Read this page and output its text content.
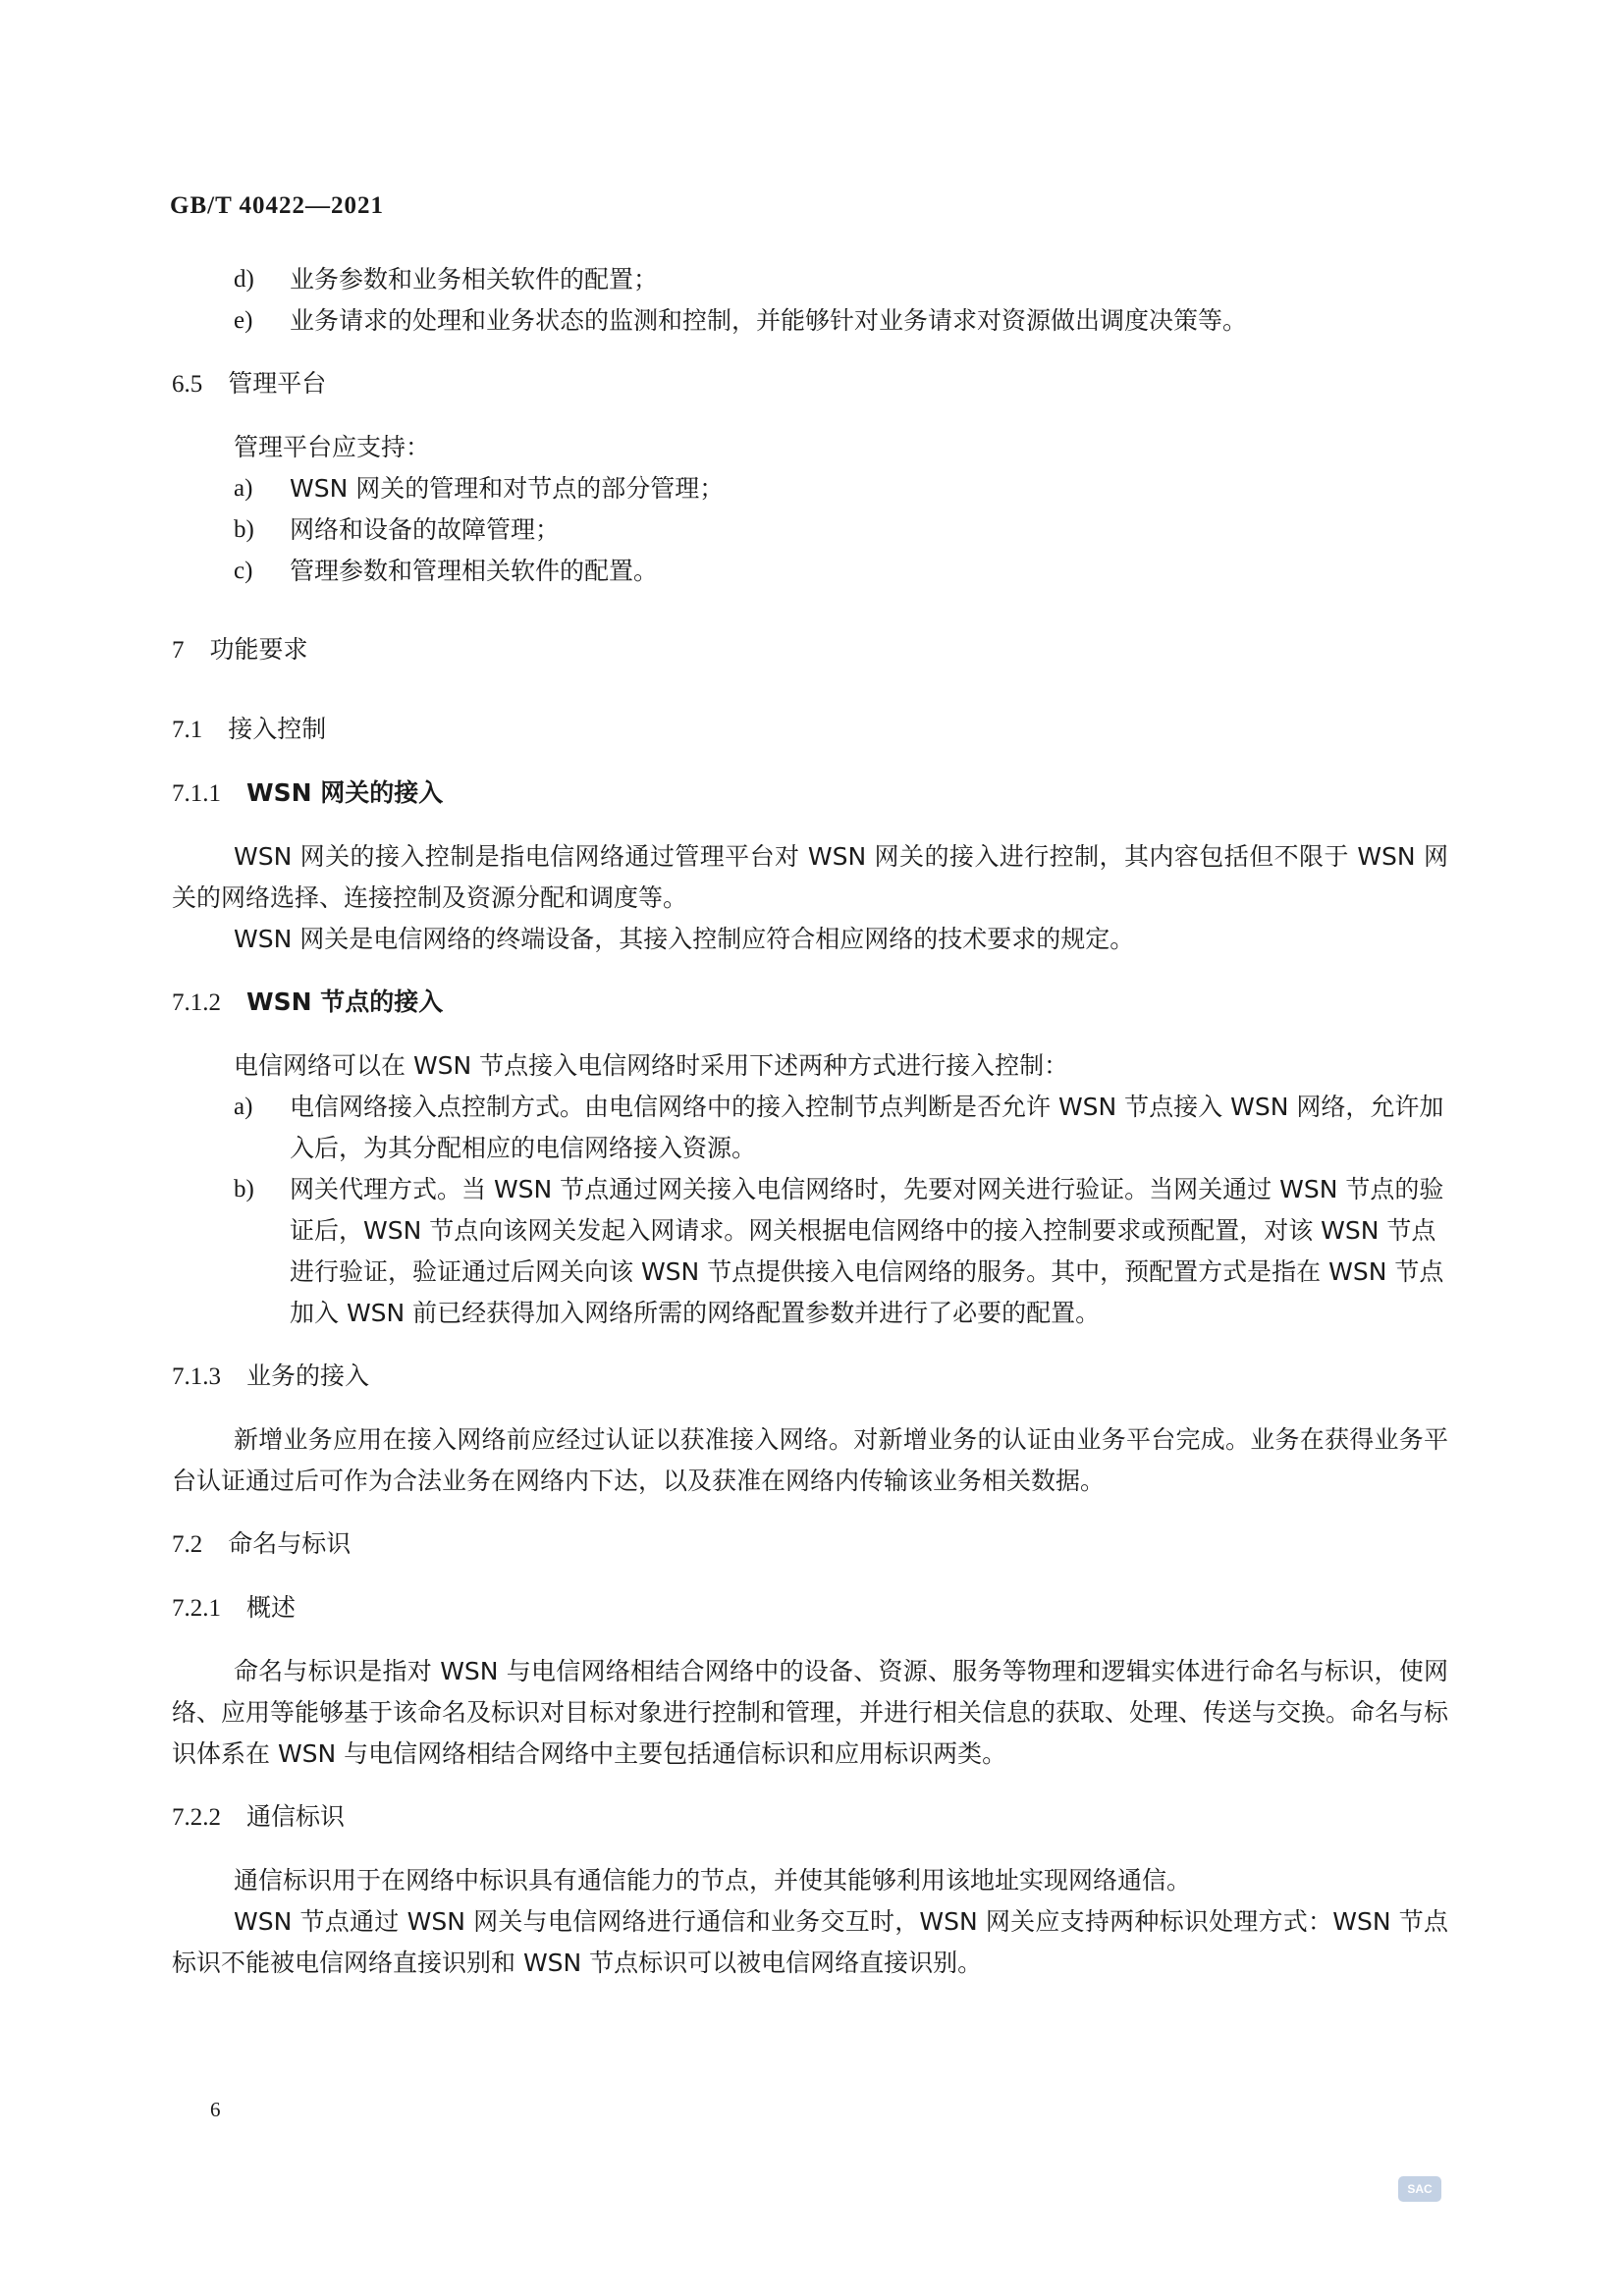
GB/T 40422—2021
d) 业务参数和业务相关软件的配置；
e) 业务请求的处理和业务状态的监测和控制，并能够针对业务请求对资源做出调度决策等。
6.5 管理平台
管理平台应支持：
a) WSN 网关的管理和对节点的部分管理；
b) 网络和设备的故障管理；
c) 管理参数和管理相关软件的配置。
7 功能要求
7.1 接入控制
7.1.1 WSN 网关的接入
WSN 网关的接入控制是指电信网络通过管理平台对 WSN 网关的接入进行控制，其内容包括但不限于 WSN 网关的网络选择、连接控制及资源分配和调度等。
WSN 网关是电信网络的终端设备，其接入控制应符合相应网络的技术要求的规定。
7.1.2 WSN 节点的接入
电信网络可以在 WSN 节点接入电信网络时采用下述两种方式进行接入控制：
a) 电信网络接入点控制方式。由电信网络中的接入控制节点判断是否允许 WSN 节点接入 WSN 网络，允许加入后，为其分配相应的电信网络接入资源。
b) 网关代理方式。当 WSN 节点通过网关接入电信网络时，先要对网关进行验证。当网关通过 WSN 节点的验证后，WSN 节点向该网关发起入网请求。网关根据电信网络中的接入控制要求或预配置，对该 WSN 节点进行验证，验证通过后网关向该 WSN 节点提供接入电信网络的服务。其中，预配置方式是指在 WSN 节点加入 WSN 前已经获得加入网络所需的网络配置参数并进行了必要的配置。
7.1.3 业务的接入
新增业务应用在接入网络前应经过认证以获准接入网络。对新增业务的认证由业务平台完成。业务在获得业务平台认证通过后可作为合法业务在网络内下达，以及获准在网络内传输该业务相关数据。
7.2 命名与标识
7.2.1 概述
命名与标识是指对 WSN 与电信网络相结合网络中的设备、资源、服务等物理和逻辑实体进行命名与标识，使网络、应用等能够基于该命名及标识对目标对象进行控制和管理，并进行相关信息的获取、处理、传送与交换。命名与标识体系在 WSN 与电信网络相结合网络中主要包括通信标识和应用标识两类。
7.2.2 通信标识
通信标识用于在网络中标识具有通信能力的节点，并使其能够利用该地址实现网络通信。
WSN 节点通过 WSN 网关与电信网络进行通信和业务交互时，WSN 网关应支持两种标识处理方式：WSN 节点标识不能被电信网络直接识别和 WSN 节点标识可以被电信网络直接识别。
6
SAC
